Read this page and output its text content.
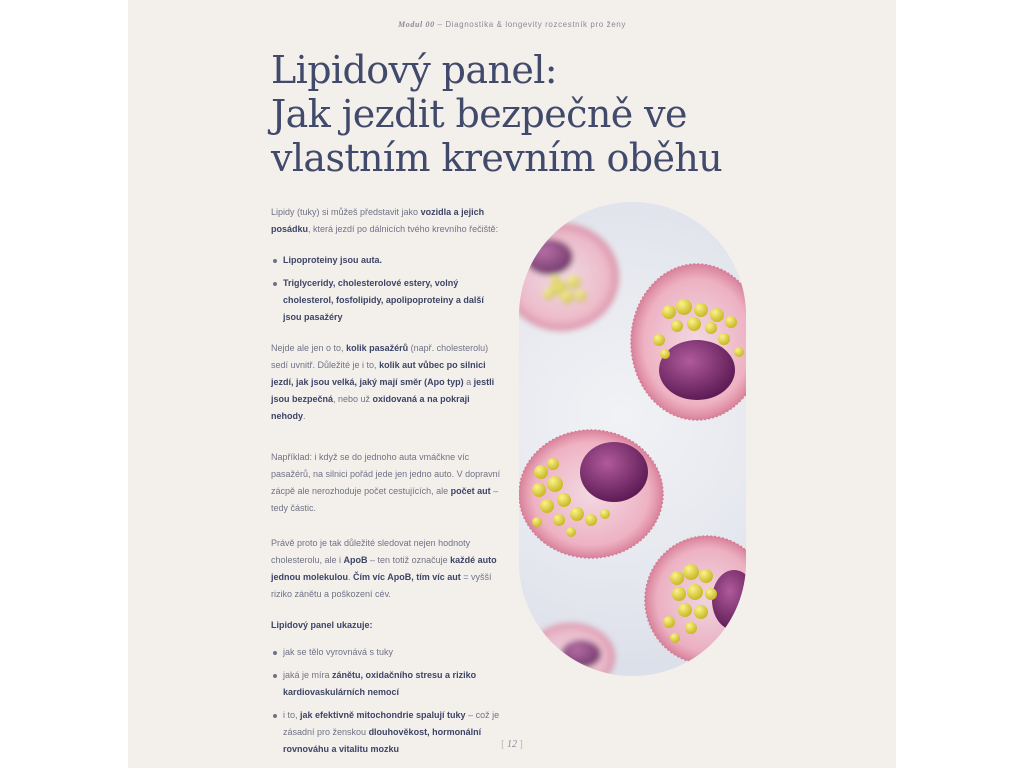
Modul 00 – Diagnostika & longevity rozcestník pro ženy
Lipidový panel:
Jak jezdit bezpečně ve
vlastním krevním oběhu

Lipidy (tuky) si můžeš představit jako vozidla a jejich posádku, která jezdí po dálnicích tvého krevního řečiště:

Lipoproteiny jsou auta.
Triglyceridy, cholesterolové estery, volný cholesterol, fosfolipidy, apolipoproteiny a další jsou pasažéry

Nejde ale jen o to, kolik pasažérů (např. cholesterolu) sedí uvnitř. Důležité je i to, kolik aut vůbec po silnici jezdí, jak jsou velká, jaký mají směr (Apo typ) a jestli jsou bezpečná, nebo už oxidovaná a na pokraji nehody.

Například: i když se do jednoho auta vmáčkne víc pasažérů, na silnici pořád jede jen jedno auto. V dopravní zácpě ale nerozhoduje počet cestujících, ale počet aut – tedy částic.

Právě proto je tak důležité sledovat nejen hodnoty cholesterolu, ale i ApoB – ten totiž označuje každé auto jednou molekulou. Čím víc ApoB, tím víc aut = vyšší riziko zánětu a poškození cév.

Lipidový panel ukazuje:

jak se tělo vyrovnává s tuky
jaká je míra zánětu, oxidačního stresu a riziko kardiovaskulárních nemocí
i to, jak efektivně mitochondrie spalují tuky – což je zásadní pro ženskou dlouhověkost, hormonální rovnováhu a vitalitu mozku	[ 12 ]
